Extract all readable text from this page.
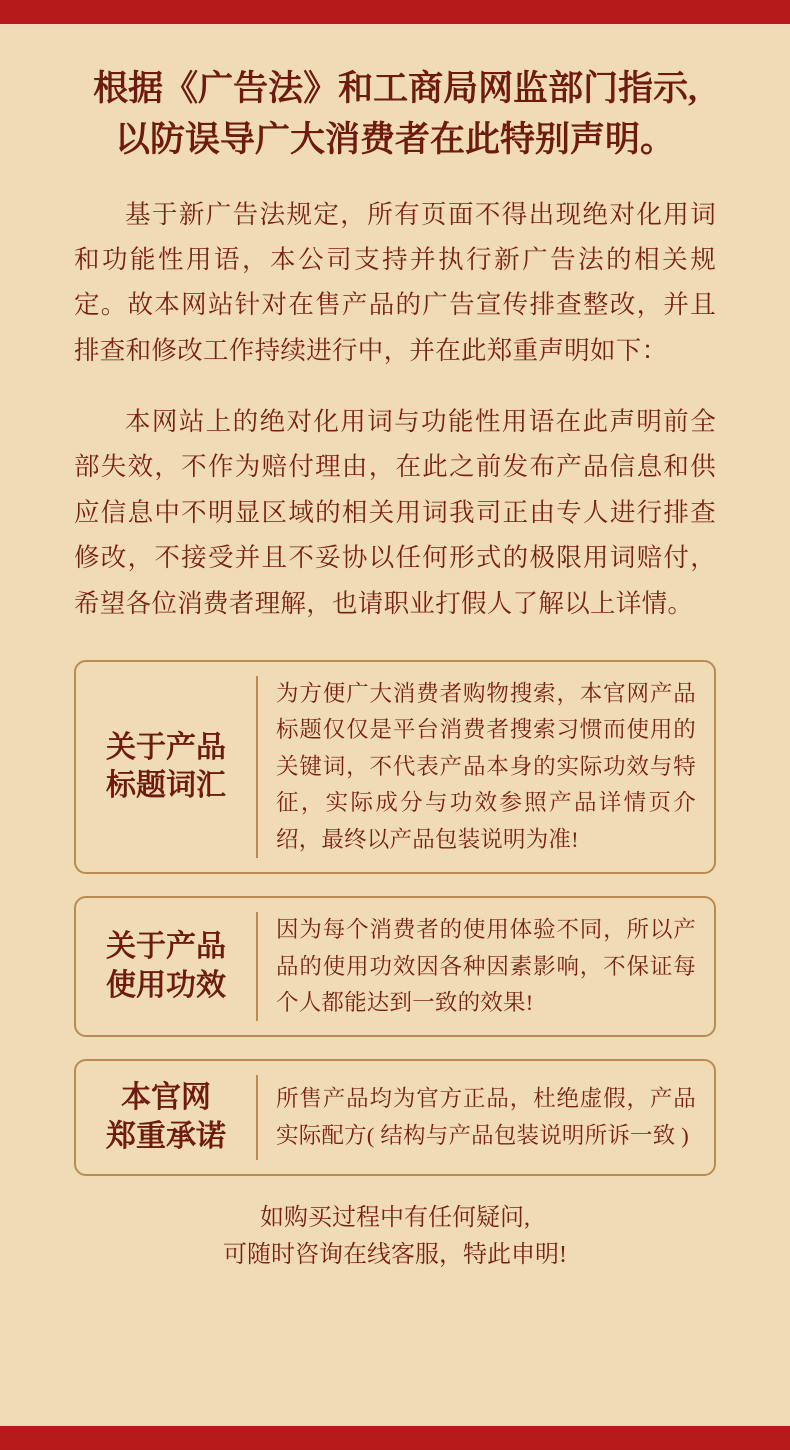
根据《广告法》和工商局网监部门指示,
以防误导广大消费者在此特别声明。

基于新广告法规定，所有页面不得出现绝对化用词和功能性用语，本公司支持并执行新广告法的相关规定。故本网站针对在售产品的广告宣传排查整改，并且排查和修改工作持续进行中，并在此郑重声明如下：

本网站上的绝对化用词与功能性用语在此声明前全部失效，不作为赔付理由，在此之前发布产品信息和供应信息中不明显区域的相关用词我司正由专人进行排查修改，不接受并且不妥协以任何形式的极限用词赔付，希望各位消费者理解，也请职业打假人了解以上详情。

关于产品
标题词汇
为方便广大消费者购物搜索，本官网产品标题仅仅是平台消费者搜索习惯而使用的关键词，不代表产品本身的实际功效与特征，实际成分与功效参照产品详情页介绍，最终以产品包装说明为准!
关于产品
使用功效
因为每个消费者的使用体验不同，所以产品的使用功效因各种因素影响，不保证每个人都能达到一致的效果!
本官网
郑重承诺
所售产品均为官方正品，杜绝虚假，产品实际配方( 结构与产品包装说明所诉一致 )
如购买过程中有任何疑问,
可随时咨询在线客服，特此申明!
